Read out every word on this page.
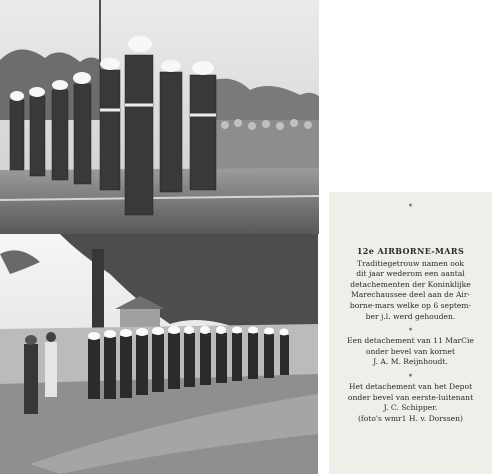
*
12e AIRBORNE-MARS
Traditiegetrouw namen ook
dit jaar wederom een aantal
detachementen der Koninklijke
Marechaussee deel aan de Air-
borne-mars welke op 6 septem-
ber j.l. werd gehouden.
*
Een detachement van 11 MarCie
onder bevel van kornet
J. A. M. Reijnhoudt.
*
Het detachement van het Depot
onder bevel van eerste-luitenant
J. C. Schipper.
(foto's wmr1 H. v. Dorssen)
